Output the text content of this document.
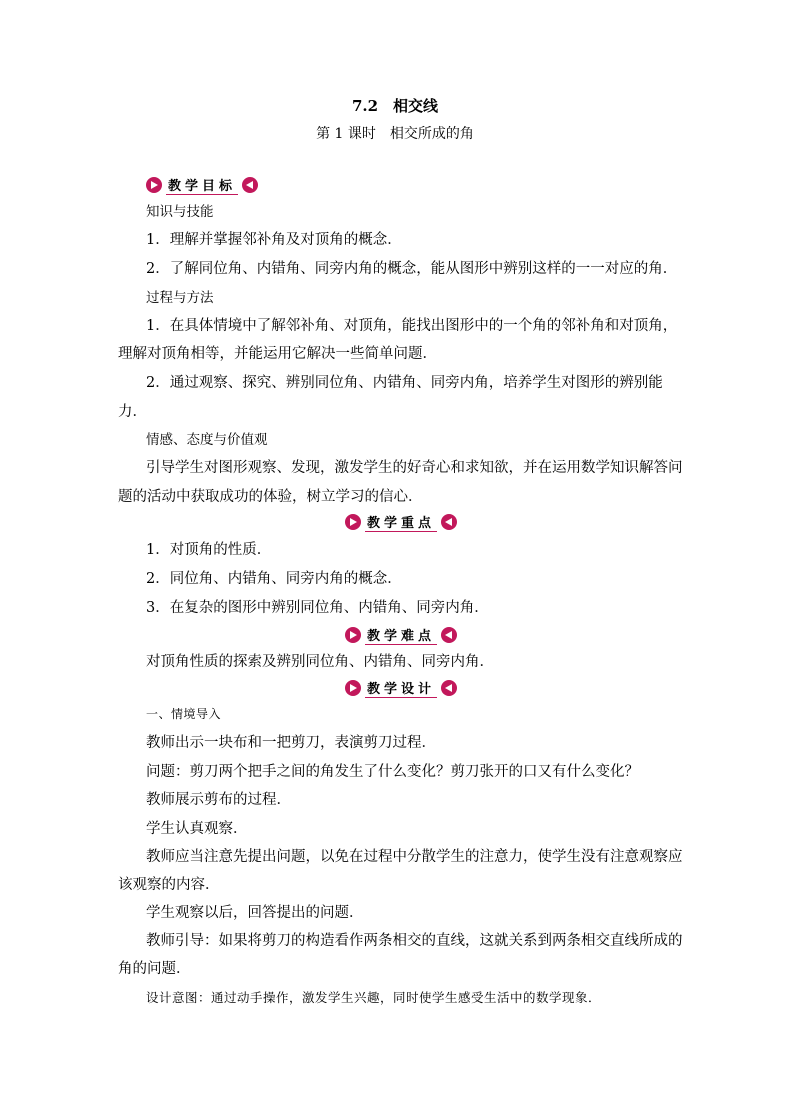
7.2　相交线
第 1 课时　相交所成的角
教学目标
知识与技能
1．理解并掌握邻补角及对顶角的概念．
2．了解同位角、内错角、同旁内角的概念，能从图形中辨别这样的一一对应的角．
过程与方法
1．在具体情境中了解邻补角、对顶角，能找出图形中的一个角的邻补角和对顶角，
理解对顶角相等，并能运用它解决一些简单问题．
2．通过观察、探究、辨别同位角、内错角、同旁内角，培养学生对图形的辨别能
力．
情感、态度与价值观
引导学生对图形观察、发现，激发学生的好奇心和求知欲，并在运用数学知识解答问
题的活动中获取成功的体验，树立学习的信心．
教学重点
1．对顶角的性质．
2．同位角、内错角、同旁内角的概念．
3．在复杂的图形中辨别同位角、内错角、同旁内角．
教学难点
对顶角性质的探索及辨别同位角、内错角、同旁内角．
教学设计
一、情境导入
教师出示一块布和一把剪刀，表演剪刀过程．
问题：剪刀两个把手之间的角发生了什么变化？剪刀张开的口又有什么变化？
教师展示剪布的过程．
学生认真观察．
教师应当注意先提出问题，以免在过程中分散学生的注意力，使学生没有注意观察应
该观察的内容．
学生观察以后，回答提出的问题．
教师引导：如果将剪刀的构造看作两条相交的直线，这就关系到两条相交直线所成的
角的问题．
设计意图：通过动手操作，激发学生兴趣，同时使学生感受生活中的数学现象．
